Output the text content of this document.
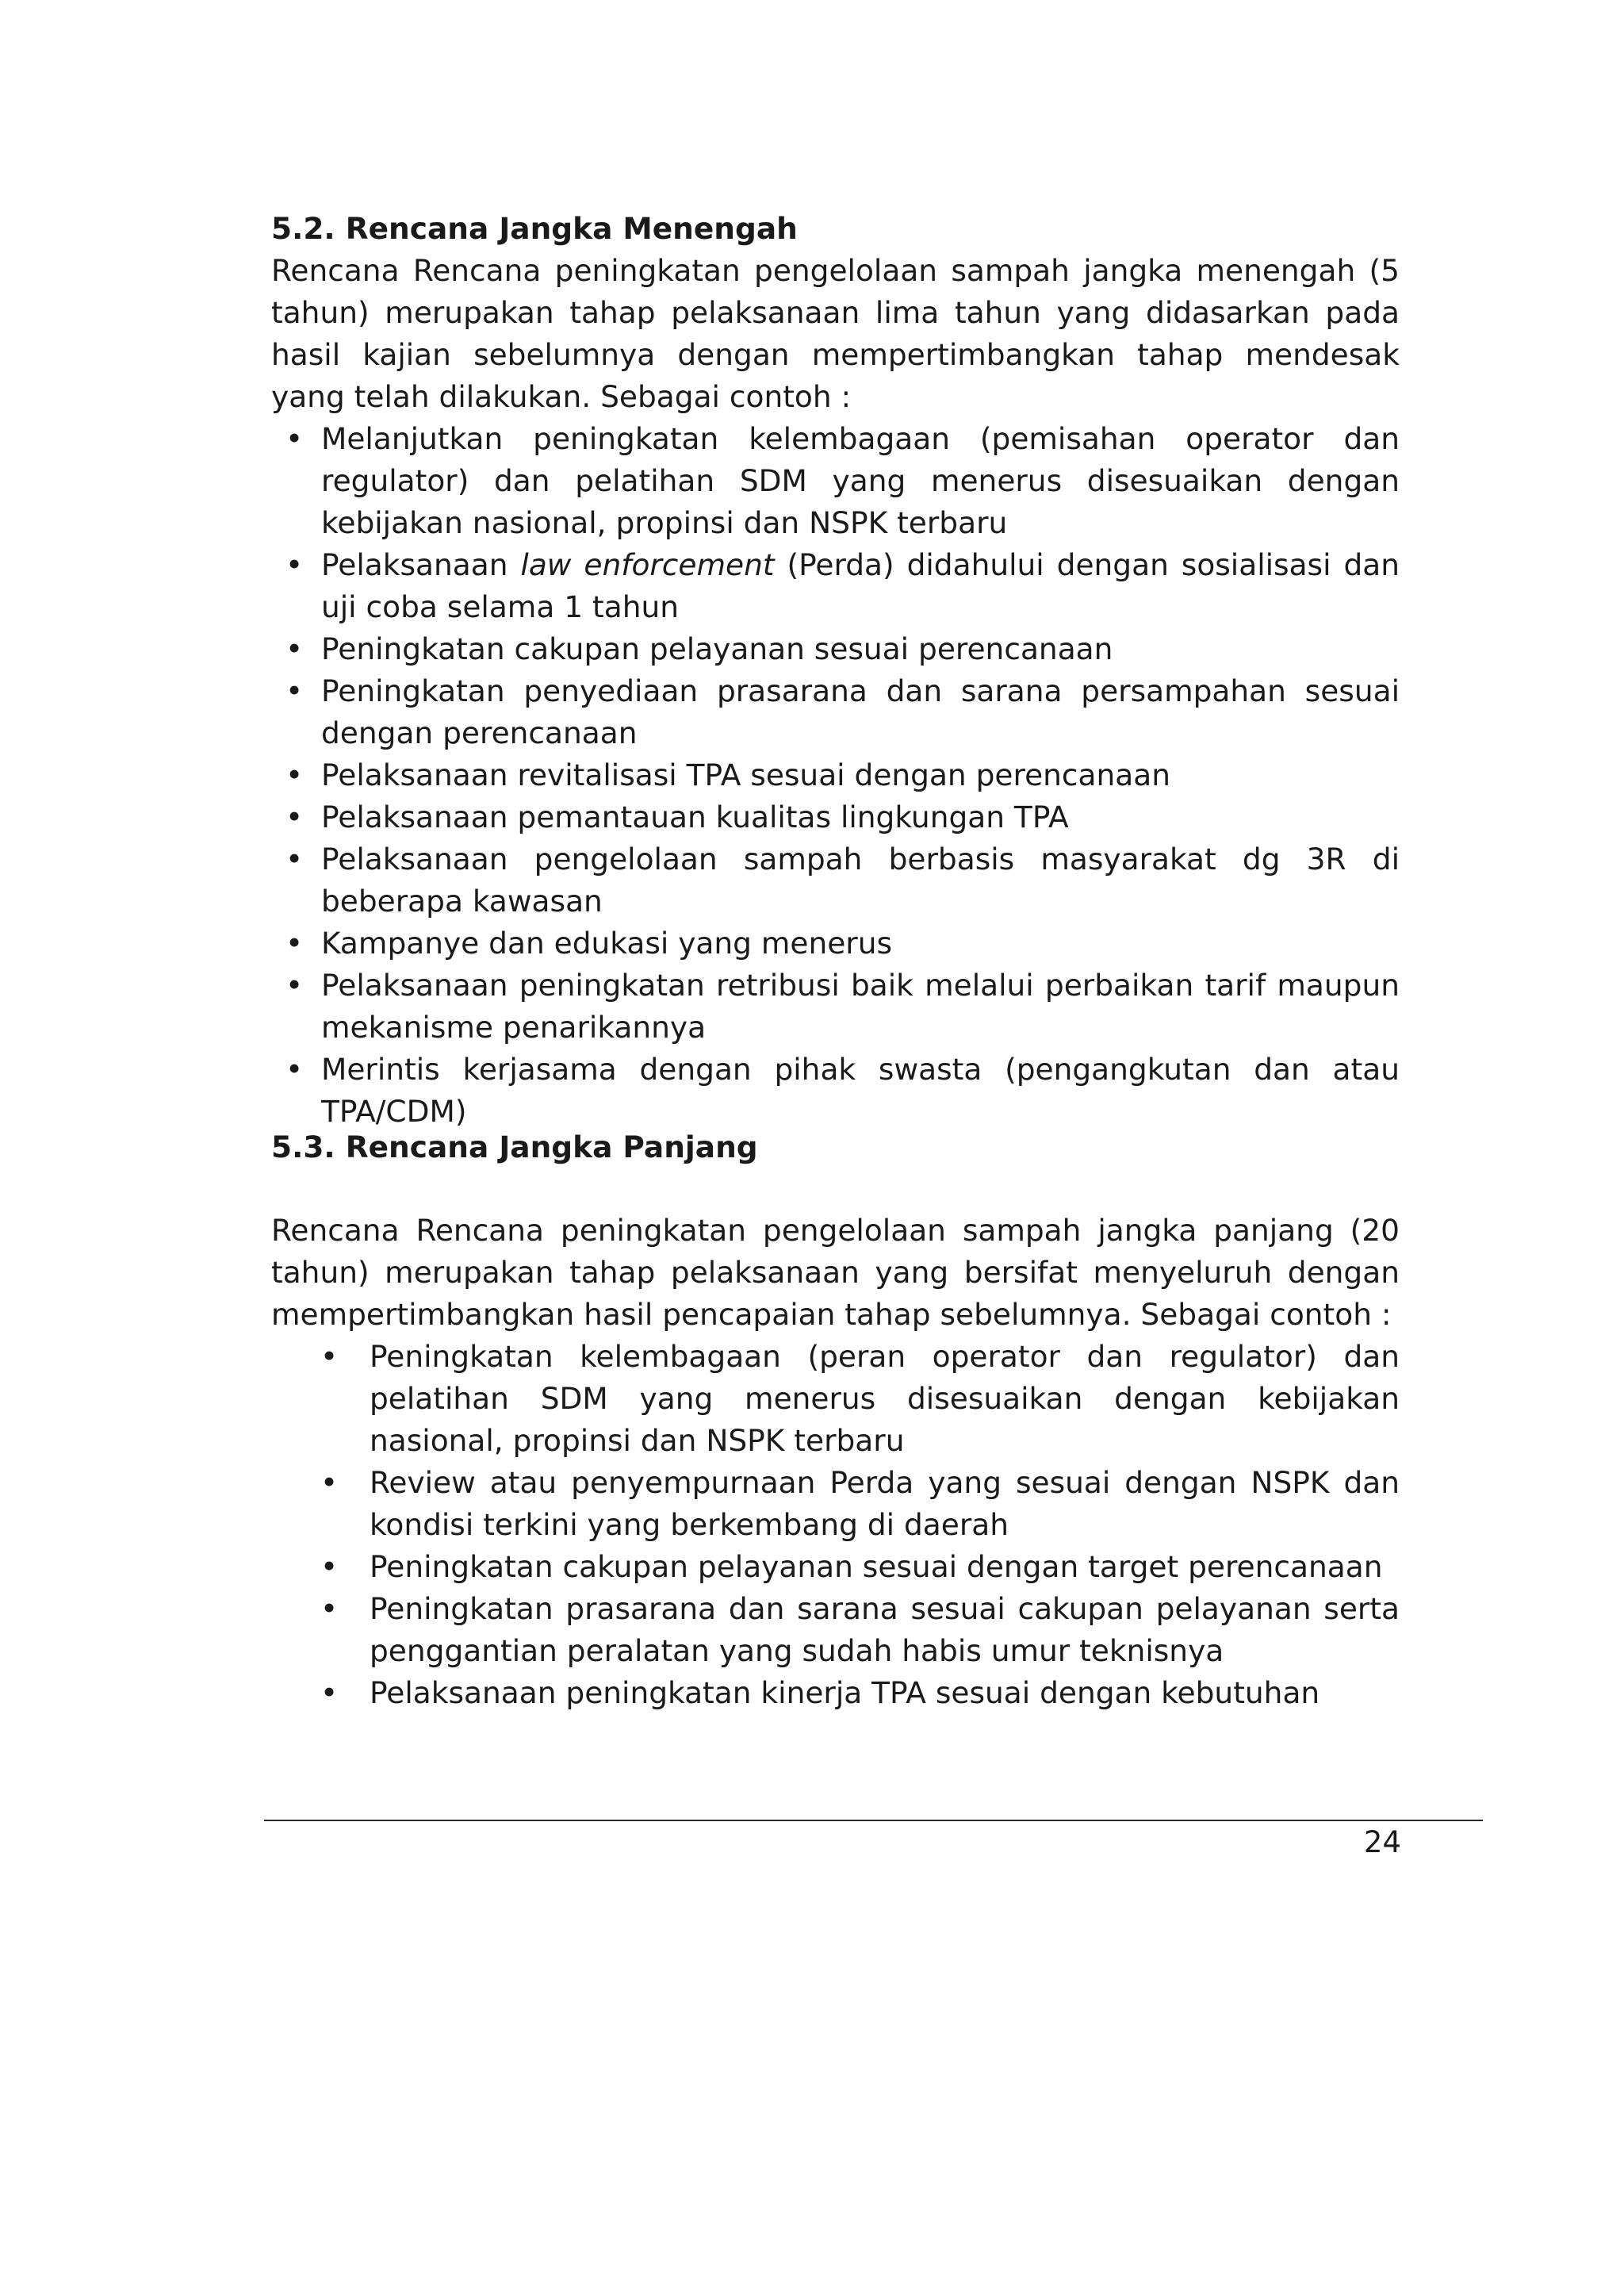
5.2. Rencana Jangka Menengah

Rencana Rencana peningkatan pengelolaan sampah jangka menengah (5 tahun) merupakan tahap pelaksanaan lima tahun yang didasarkan pada hasil kajian sebelumnya dengan mempertimbangkan tahap mendesak yang telah dilakukan. Sebagai contoh :

• Melanjutkan peningkatan kelembagaan (pemisahan operator dan regulator) dan pelatihan SDM yang menerus disesuaikan dengan kebijakan nasional, propinsi dan NSPK terbaru
• Pelaksanaan law enforcement (Perda) didahului dengan sosialisasi dan uji coba selama 1 tahun
• Peningkatan cakupan pelayanan sesuai perencanaan
• Peningkatan penyediaan prasarana dan sarana persampahan sesuai dengan perencanaan
• Pelaksanaan revitalisasi TPA sesuai dengan perencanaan
• Pelaksanaan pemantauan kualitas lingkungan TPA
• Pelaksanaan pengelolaan sampah berbasis masyarakat dg 3R di beberapa kawasan
• Kampanye dan edukasi yang menerus
• Pelaksanaan peningkatan retribusi baik melalui perbaikan tarif maupun mekanisme penarikannya
• Merintis kerjasama dengan pihak swasta (pengangkutan dan atau TPA/CDM)
5.3. Rencana Jangka Panjang

Rencana Rencana peningkatan pengelolaan sampah jangka panjang (20 tahun) merupakan tahap pelaksanaan yang bersifat menyeluruh dengan mempertimbangkan hasil pencapaian tahap sebelumnya. Sebagai contoh :

• Peningkatan kelembagaan (peran operator dan regulator) dan pelatihan SDM yang menerus disesuaikan dengan kebijakan nasional, propinsi dan NSPK terbaru
• Review atau penyempurnaan Perda yang sesuai dengan NSPK dan kondisi terkini yang berkembang di daerah
• Peningkatan cakupan pelayanan sesuai dengan target perencanaan
• Peningkatan prasarana dan sarana sesuai cakupan pelayanan serta penggantian peralatan yang sudah habis umur teknisnya
• Pelaksanaan peningkatan kinerja TPA sesuai dengan kebutuhan
24
